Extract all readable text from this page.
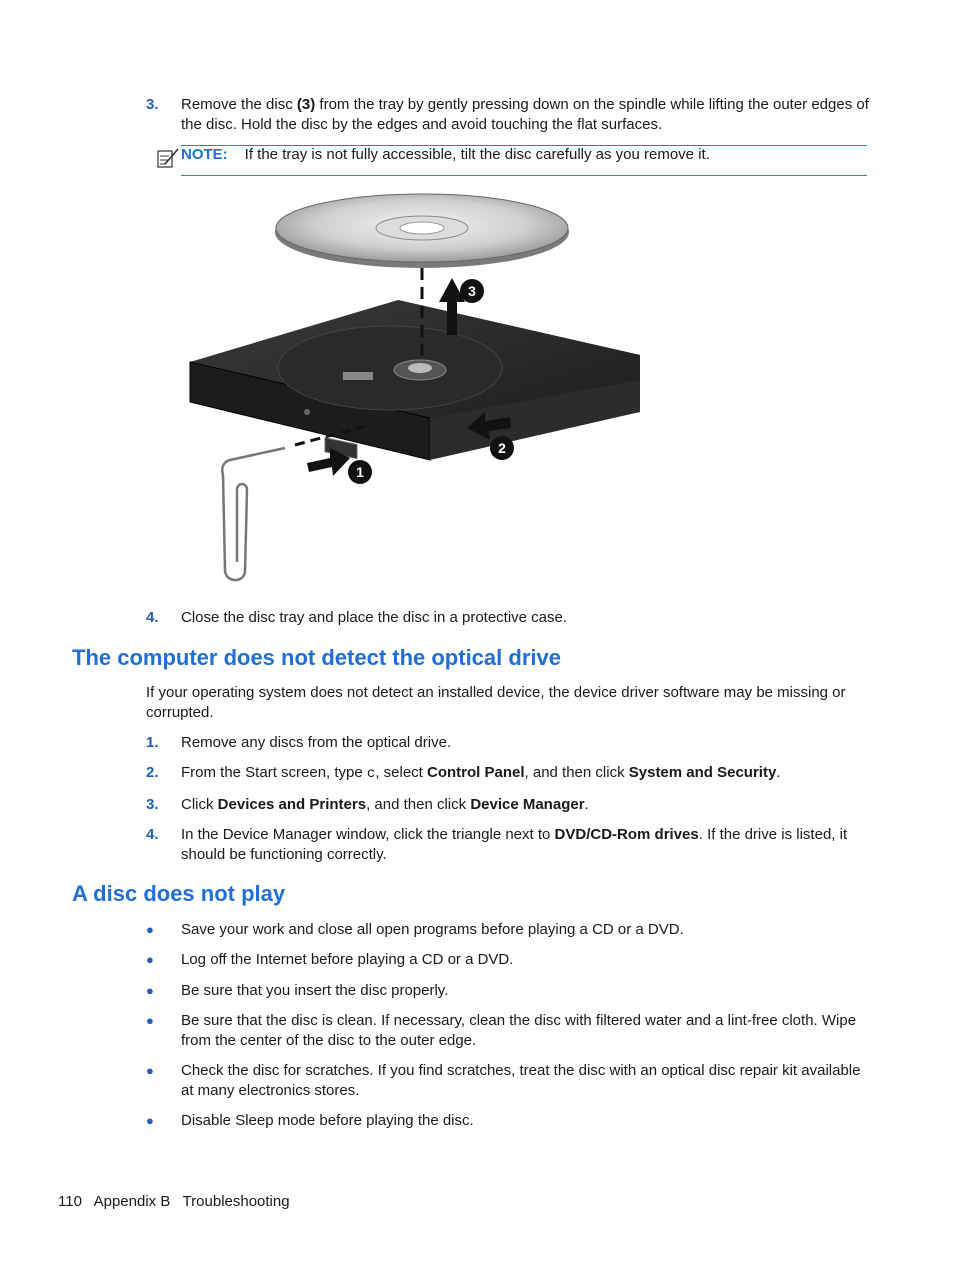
3. Remove the disc (3) from the tray by gently pressing down on the spindle while lifting the outer edges of the disc. Hold the disc by the edges and avoid touching the flat surfaces.
NOTE: If the tray is not fully accessible, tilt the disc carefully as you remove it.
3
2
1
4. Close the disc tray and place the disc in a protective case.
The computer does not detect the optical drive
If your operating system does not detect an installed device, the device driver software may be missing or corrupted.
1. Remove any discs from the optical drive.
2. From the Start screen, type c, select Control Panel, and then click System and Security.
3. Click Devices and Printers, and then click Device Manager.
4. In the Device Manager window, click the triangle next to DVD/CD-Rom drives. If the drive is listed, it should be functioning correctly.
A disc does not play
● Save your work and close all open programs before playing a CD or a DVD.
● Log off the Internet before playing a CD or a DVD.
● Be sure that you insert the disc properly.
● Be sure that the disc is clean. If necessary, clean the disc with filtered water and a lint-free cloth. Wipe from the center of the disc to the outer edge.
● Check the disc for scratches. If you find scratches, treat the disc with an optical disc repair kit available at many electronics stores.
● Disable Sleep mode before playing the disc.
110 Appendix B   Troubleshooting
